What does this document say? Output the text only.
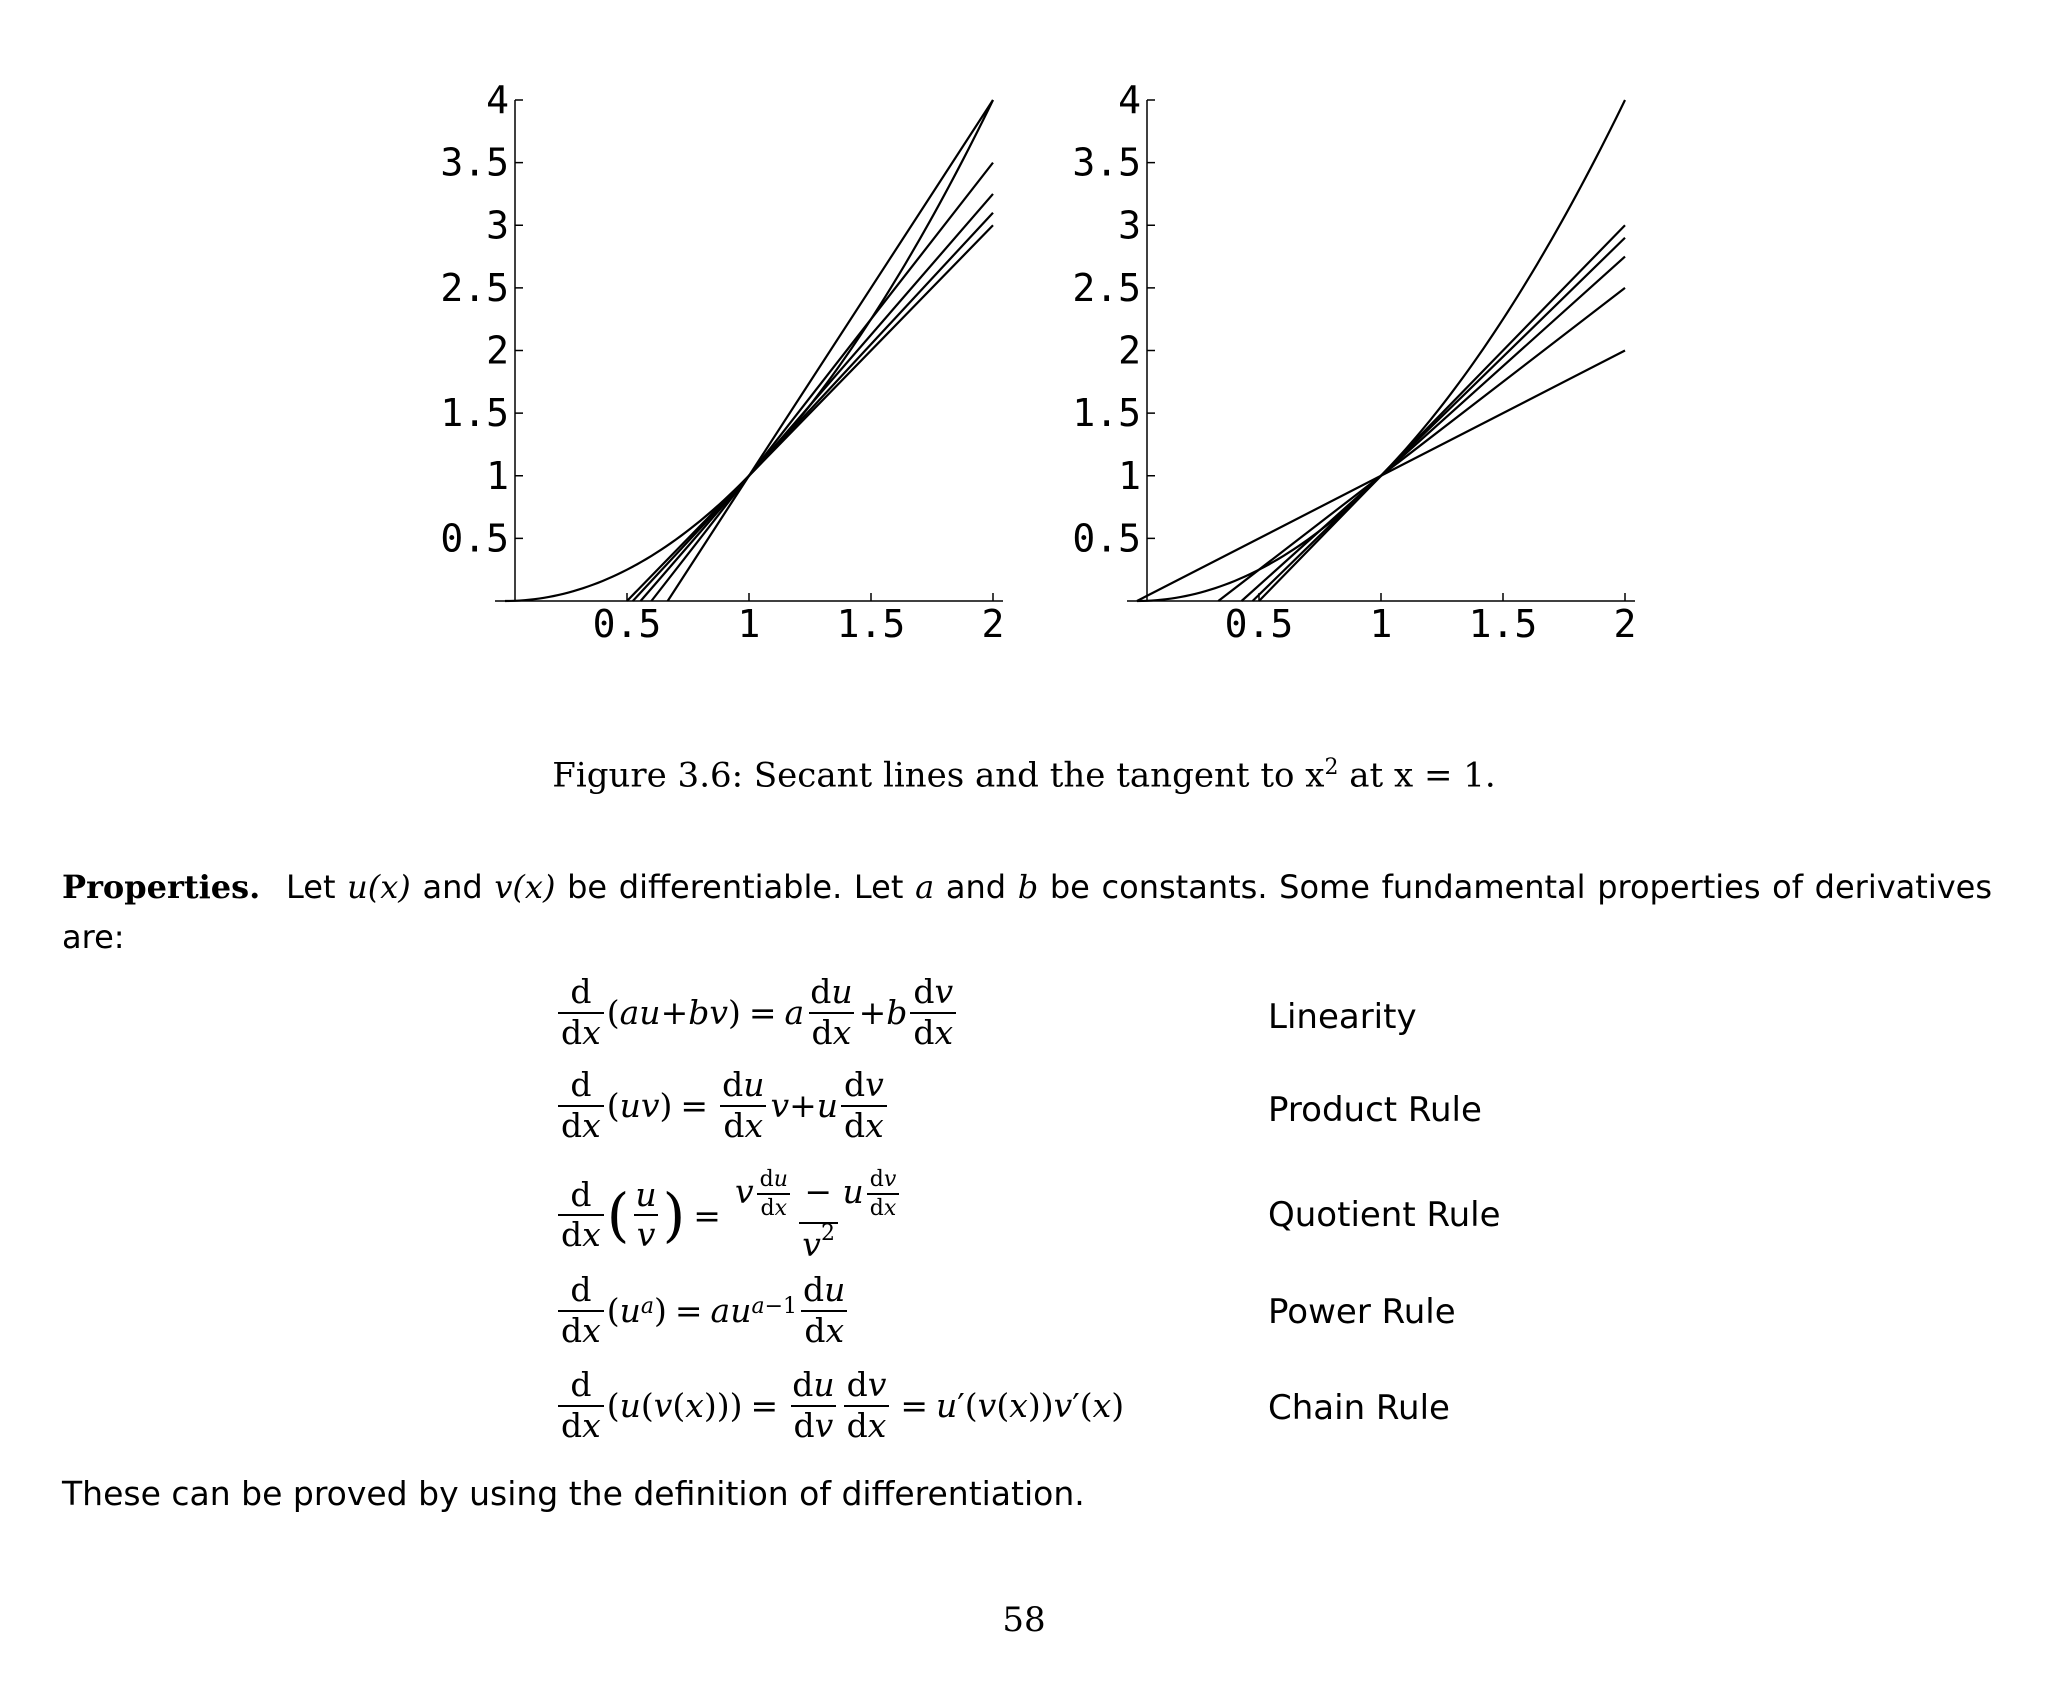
0.5 1 1.5 2
0.5
1
1.5
2
2.5
3
3.5
4
0.5 1 1.5 2
0.5
1
1.5
2
2.5
3
3.5
4
Figure 3.6: Secant lines and the tangent to $x^2$ at x = 1.
Properties. Let u(x) and v(x) be differentiable. Let a and b be constants. Some fundamental properties of derivatives are:
$\frac{d}{dx}$ ( au + bv ) = a $\frac{du}{dx} + b \frac{dv}{dx}$	Linearity
$\frac{d}{dx}$ ( uv ) = $\frac{du}{dx}$ v + u $\frac{dv}{dx}$	Product Rule
$\frac{d}{dx}$ ( $\frac{u}{v}$ ) = $\frac{v \frac{du}{dx} - u \frac{dv}{dx}}{v^2}$	Quotient Rule
$\frac{d}{dx}$ ( u $^a$ ) = au $^{a-1} \frac{du}{dx}$	Power Rule
$\frac{d}{dx}$ ( u ( v ( x ))) = $\frac{du}{dv} \frac{dv}{dx} = u$ ′( v ( x )) v ′( x )	Chain Rule
These can be proved by using the definition of differentiation.
58
